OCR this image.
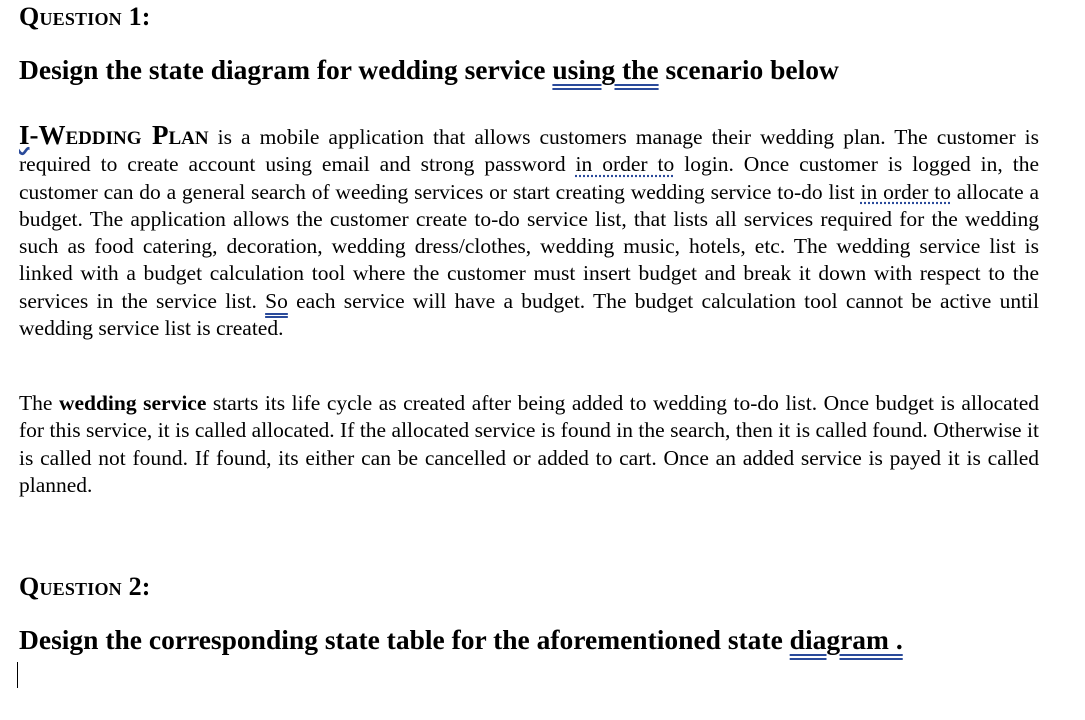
Question 1:
Design the state diagram for wedding service using the scenario below

I-Wedding Plan is a mobile application that allows customers manage their wedding plan. The customer is required to create account using email and strong password in order to login. Once customer is logged in, the customer can do a general search of weeding services or start creating wedding service to-do list in order to allocate a budget. The application allows the customer create to-do service list, that lists all services required for the wedding such as food catering, decoration, wedding dress/clothes, wedding music, hotels, etc. The wedding service list is linked with a budget calculation tool where the customer must insert budget and break it down with respect to the services in the service list. So each service will have a budget. The budget calculation tool cannot be active until wedding service list is created.

The wedding service starts its life cycle as created after being added to wedding to-do list. Once budget is allocated for this service, it is called allocated. If the allocated service is found in the search, then it is called found. Otherwise it is called not found. If found, its either can be cancelled or added to cart. Once an added service is payed it is called planned.

Question 2:
Design the corresponding state table for the aforementioned state diagram .
